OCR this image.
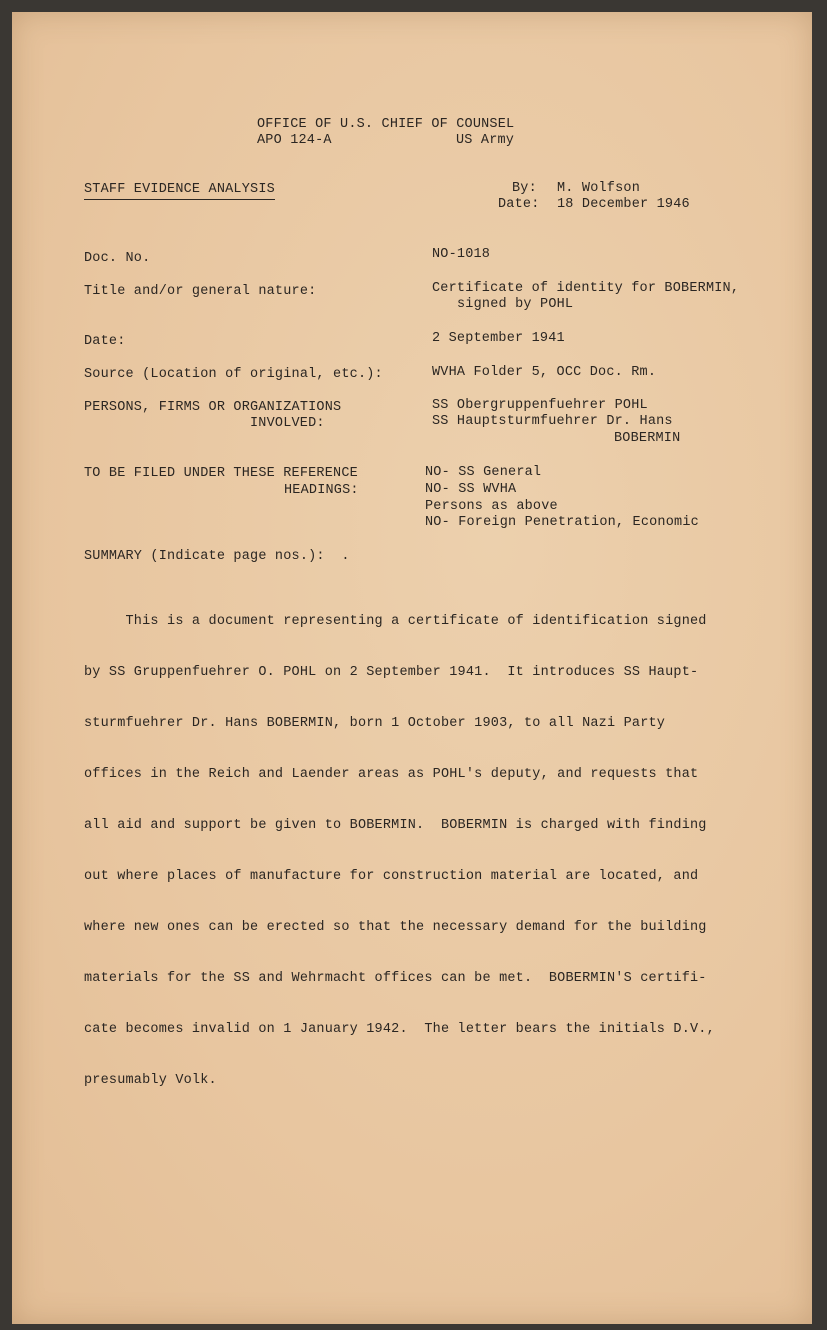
OFFICE OF U.S. CHIEF OF COUNSEL
APO 124-A	US Army
STAFF EVIDENCE ANALYSIS	By: M. Wolfson
Date: 18 December 1946
Doc. No.	NO-1018
Title and/or general nature:	Certificate of identity for BOBERMIN,
signed by POHL
Date:	2 September 1941
Source (Location of original, etc.):	WVHA Folder 5, OCC Doc. Rm.
PERSONS, FIRMS OR ORGANIZATIONS
INVOLVED:
SS Obergruppenfuehrer POHL
SS Hauptsturmfuehrer Dr. Hans
BOBERMIN
TO BE FILED UNDER THESE REFERENCE
HEADINGS:
NO- SS General
NO- SS WVHA
Persons as above
NO- Foreign Penetration, Economic
SUMMARY (Indicate page nos.):  .

This is a document representing a certificate of identification signed

by SS Gruppenfuehrer O. POHL on 2 September 1941.  It introduces SS Haupt-

sturmfuehrer Dr. Hans BOBERMIN, born 1 October 1903, to all Nazi Party

offices in the Reich and Laender areas as POHL's deputy, and requests that

all aid and support be given to BOBERMIN.  BOBERMIN is charged with finding

out where places of manufacture for construction material are located, and

where new ones can be erected so that the necessary demand for the building

materials for the SS and Wehrmacht offices can be met.  BOBERMIN'S certifi-

cate becomes invalid on 1 January 1942.  The letter bears the initials D.V.,

presumably Volk.
